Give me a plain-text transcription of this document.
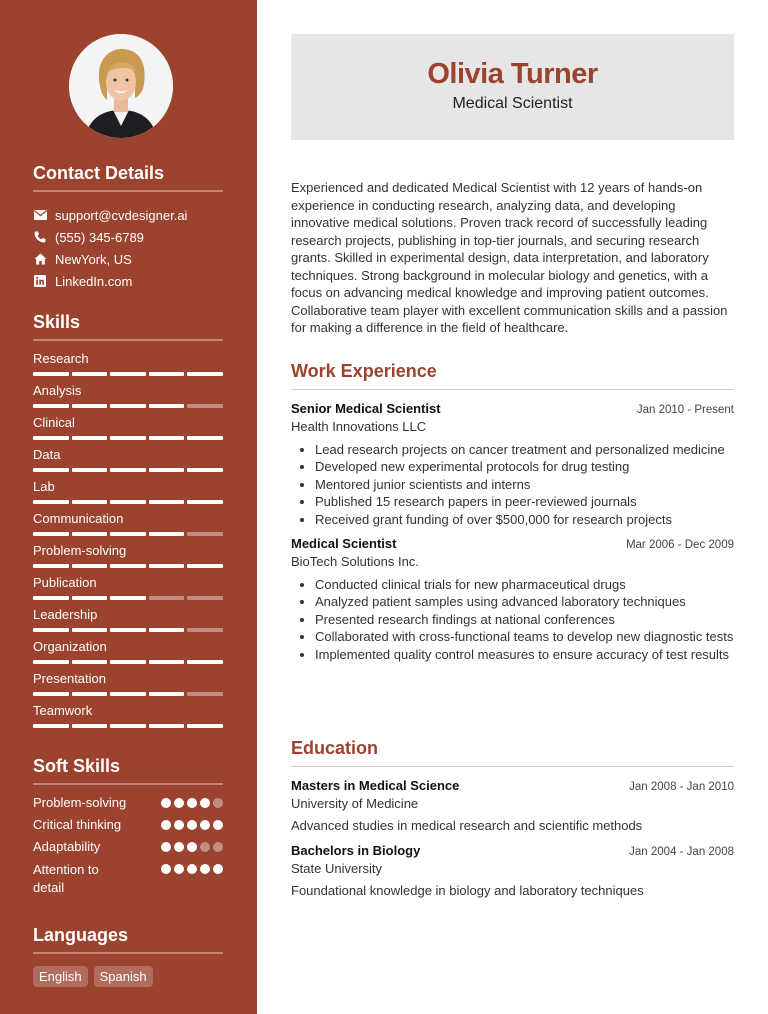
Contact Details
support@cvdesigner.ai
(555) 345-6789
NewYork, US
LinkedIn.com
Skills
Research
Analysis
Clinical
Data
Lab
Communication
Problem-solving
Publication
Leadership
Organization
Presentation
Teamwork
Soft Skills
Problem-solving
Critical thinking
Adaptability
Attention to detail
Languages
English	Spanish
Olivia Turner
Medical Scientist
Experienced and dedicated Medical Scientist with 12 years of hands-on experience in conducting research, analyzing data, and developing innovative medical solutions. Proven track record of successfully leading research projects, publishing in top-tier journals, and securing research grants. Skilled in experimental design, data interpretation, and laboratory techniques. Strong background in molecular biology and genetics, with a focus on advancing medical knowledge and improving patient outcomes. Collaborative team player with excellent communication skills and a passion for making a difference in the field of healthcare.
Work Experience
Senior Medical Scientist	Jan 2010 - Present
Health Innovations LLC
• Lead research projects on cancer treatment and personalized medicine
• Developed new experimental protocols for drug testing
• Mentored junior scientists and interns
• Published 15 research papers in peer-reviewed journals
• Received grant funding of over $500,000 for research projects
Medical Scientist	Mar 2006 - Dec 2009
BioTech Solutions Inc.
• Conducted clinical trials for new pharmaceutical drugs
• Analyzed patient samples using advanced laboratory techniques
• Presented research findings at national conferences
• Collaborated with cross-functional teams to develop new diagnostic tests
• Implemented quality control measures to ensure accuracy of test results
Education
Masters in Medical Science	Jan 2008 - Jan 2010
University of Medicine
Advanced studies in medical research and scientific methods
Bachelors in Biology	Jan 2004 - Jan 2008
State University
Foundational knowledge in biology and laboratory techniques
